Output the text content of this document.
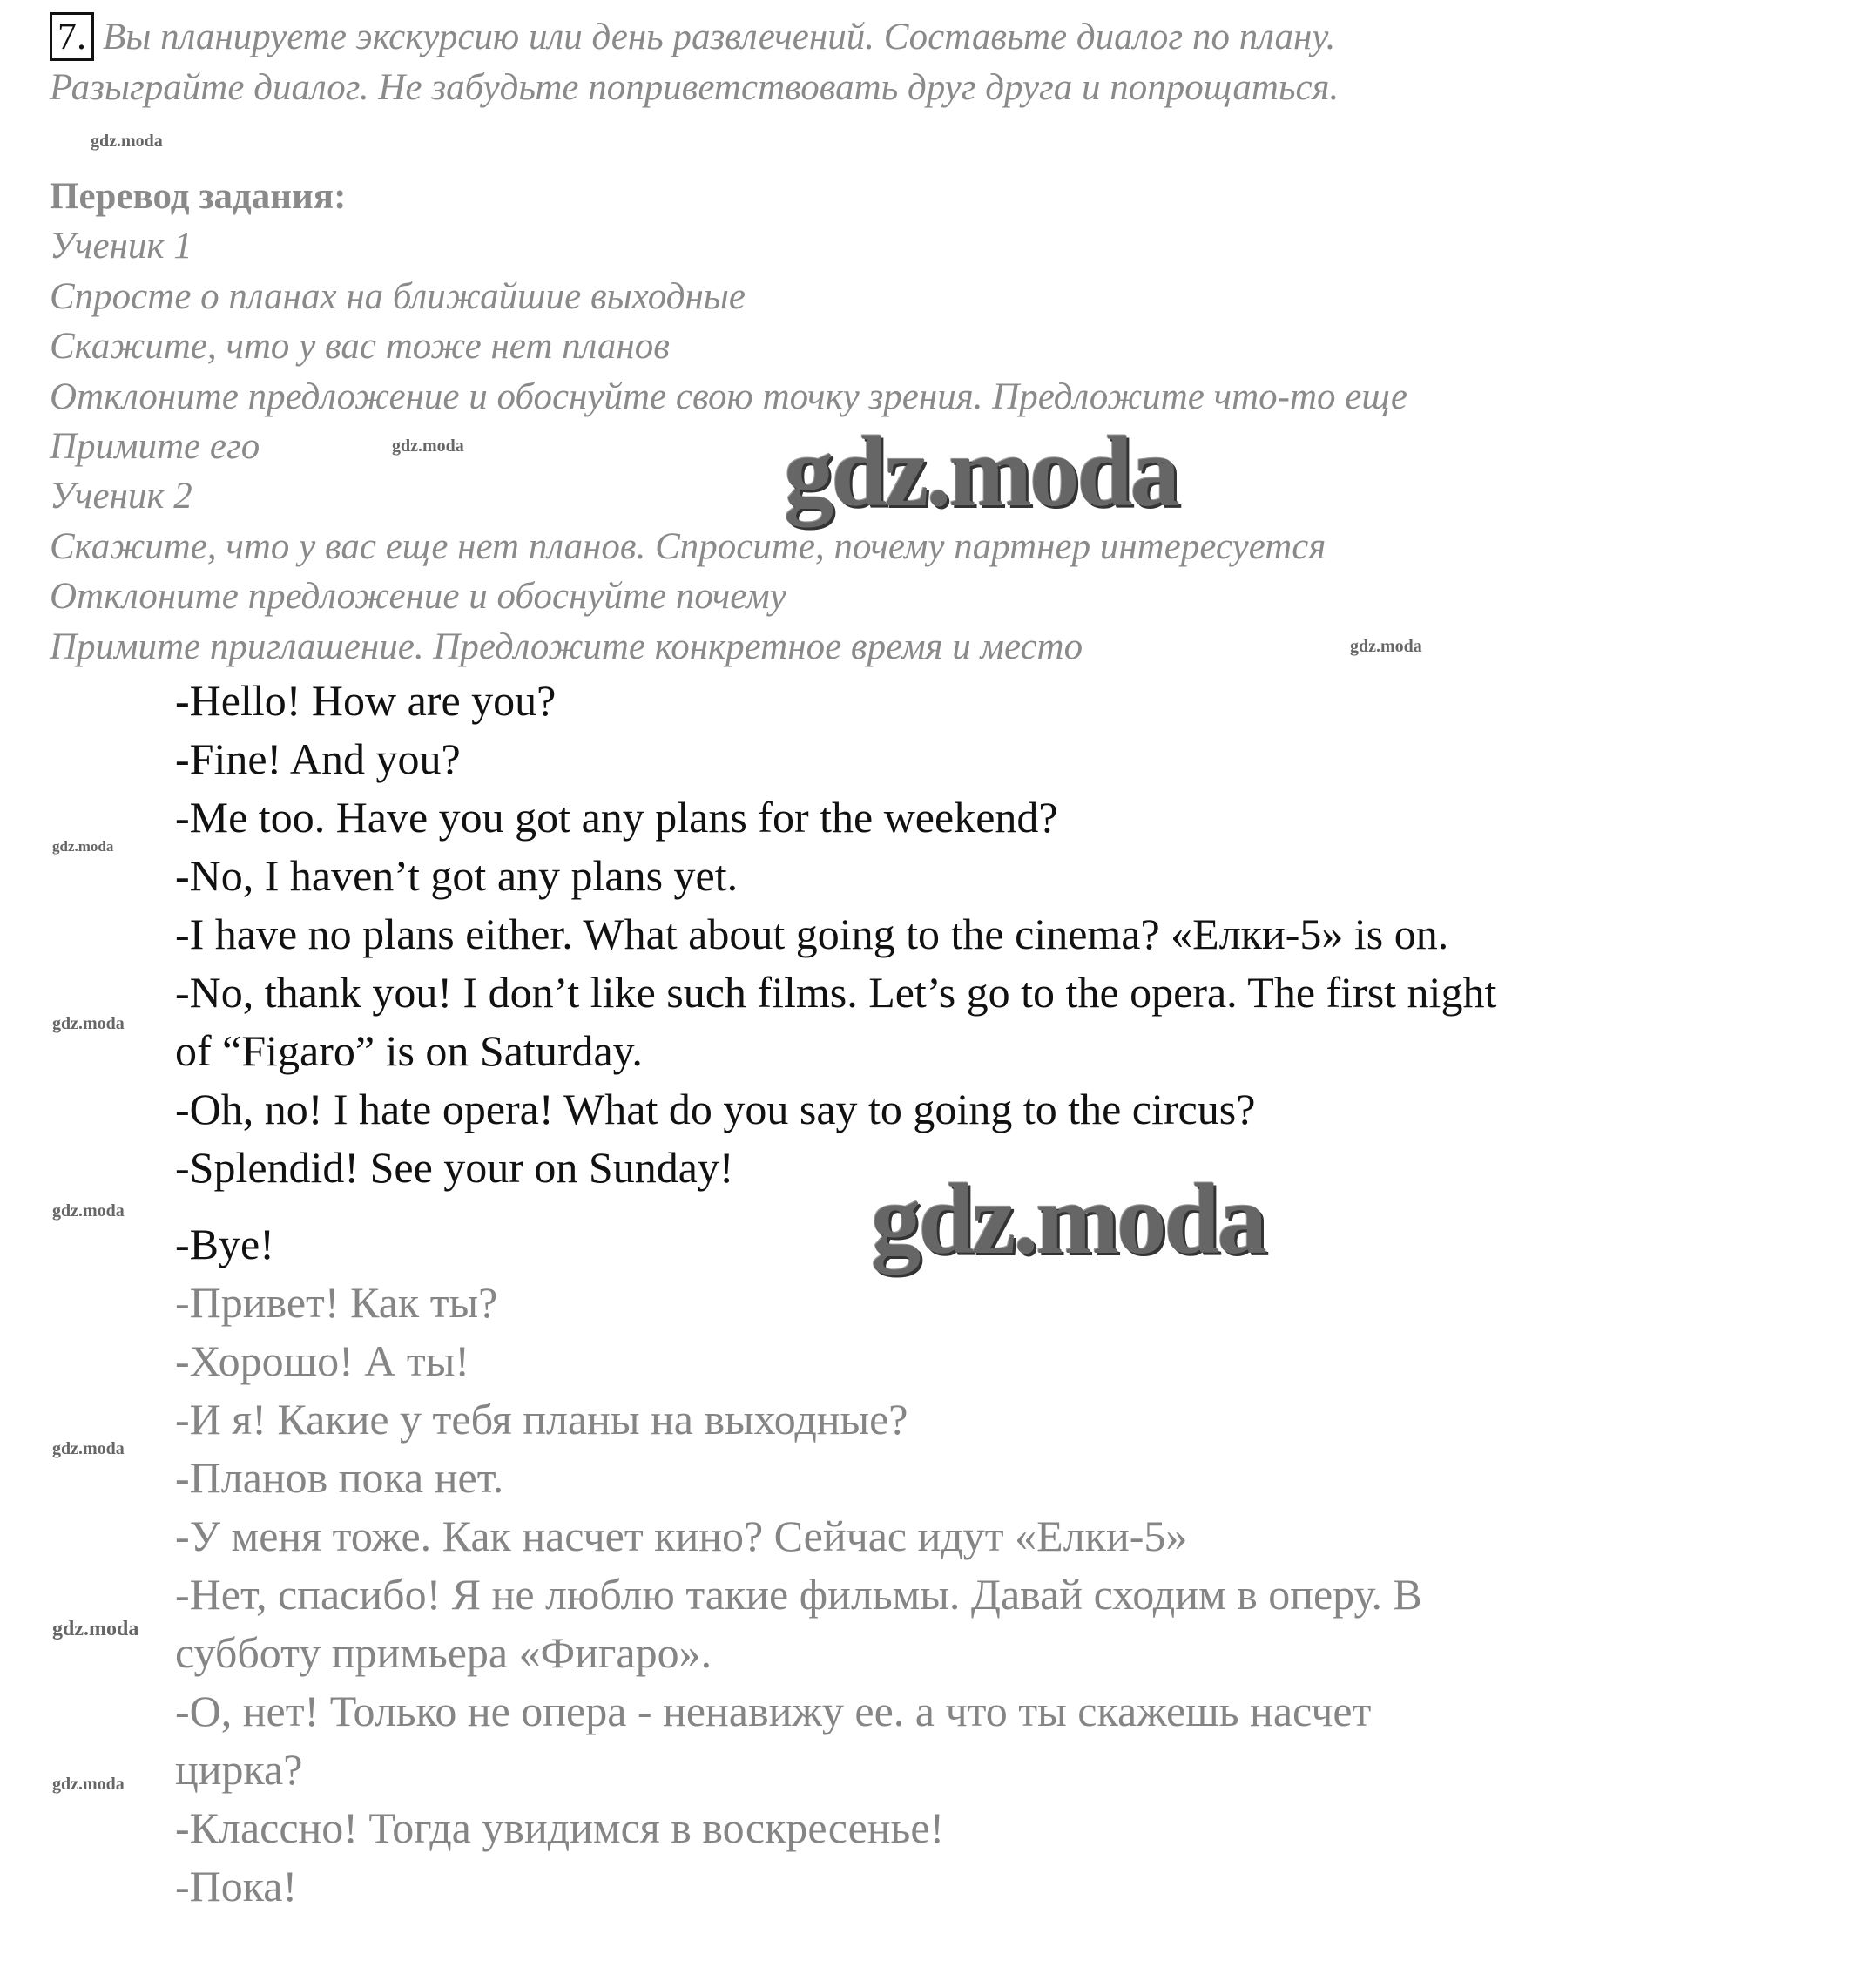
7. Вы планируете экскурсию или день развлечений. Составьте диалог по плану.
Разыграйте диалог. Не забудьте поприветствовать друг друга и попрощаться.
Перевод задания:
Ученик 1
Спросте о планах на ближайшие выходные
Скажите, что у вас тоже нет планов
Отклоните предложение и обоснуйте свою точку зрения. Предложите что-то еще
Примите его
Ученик 2
Скажите, что у вас еще нет планов. Спросите, почему партнер интересуется
Отклоните предложение и обоснуйте почему
Примите приглашение. Предложите конкретное время и место
-Hello! How are you?
-Fine! And you?
-Me too. Have you got any plans for the weekend?
-No, I haven’t got any plans yet.
-I have no plans either. What about going to the cinema? «Елки-5» is on.
-No, thank you! I don’t like such films. Let’s go to the opera. The first night
of “Figaro” is on Saturday.
-Oh, no! I hate opera! What do you say to going to the circus?
-Splendid! See your on Sunday!
-Bye!
-Привет! Как ты?
-Хорошо! А ты!
-И я! Какие у тебя планы на выходные?
-Планов пока нет.
-У меня тоже. Как насчет кино? Сейчас идут «Елки-5»
-Нет, спасибо! Я не люблю такие фильмы. Давай сходим в оперу. В
субботу примьера «Фигаро».
-О, нет! Только не опера - ненавижу ее. а что ты скажешь насчет
цирка?
-Классно! Тогда увидимся в воскресенье!
-Пока!
gdz.moda
gdz.moda
gdz.moda
gdz.moda
gdz.moda
gdz.moda
gdz.moda
gdz.moda
gdz.moda
gdz.moda
gdz.moda
